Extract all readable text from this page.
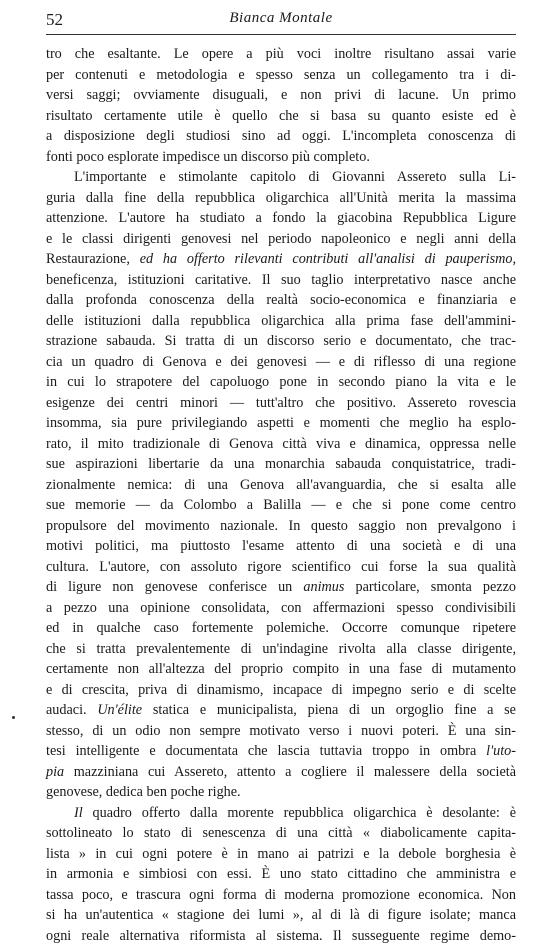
52	Bianca Montale
tro che esaltante. Le opere a più voci inoltre risultano assai varie
per contenuti e metodologia e spesso senza un collegamento tra i di-
versi saggi; ovviamente disuguali, e non privi di lacune. Un primo
risultato certamente utile è quello che si basa su quanto esiste ed è
a disposizione degli studiosi sino ad oggi. L'incompleta conoscenza di
fonti poco esplorate impedisce un discorso più completo.
L'importante e stimolante capitolo di Giovanni Assereto sulla Li-
guria dalla fine della repubblica oligarchica all'Unità merita la massima
attenzione. L'autore ha studiato a fondo la giacobina Repubblica Ligure
e le classi dirigenti genovesi nel periodo napoleonico e negli anni della
Restaurazione, ed ha offerto rilevanti contributi all'analisi di pauperismo,
beneficenza, istituzioni caritative. Il suo taglio interpretativo nasce anche
dalla profonda conoscenza della realtà socio-economica e finanziaria e
delle istituzioni dalla repubblica oligarchica alla prima fase dell'ammini-
strazione sabauda. Si tratta di un discorso serio e documentato, che trac-
cia un quadro di Genova e dei genovesi — e di riflesso di una regione
in cui lo strapotere del capoluogo pone in secondo piano la vita e le
esigenze dei centri minori — tutt'altro che positivo. Assereto rovescia
insomma, sia pure privilegiando aspetti e momenti che meglio ha esplo-
rato, il mito tradizionale di Genova città viva e dinamica, oppressa nelle
sue aspirazioni libertarie da una monarchia sabauda conquistatrice, tradi-
zionalmente nemica: di una Genova all'avanguardia, che si esalta alle
sue memorie — da Colombo a Balilla — e che si pone come centro
propulsore del movimento nazionale. In questo saggio non prevalgono i
motivi politici, ma piuttosto l'esame attento di una società e di una
cultura. L'autore, con assoluto rigore scientifico cui forse la sua qualità
di ligure non genovese conferisce un animus particolare, smonta pezzo
a pezzo una opinione consolidata, con affermazioni spesso condivisibili
ed in qualche caso fortemente polemiche. Occorre comunque ripetere
che si tratta prevalentemente di un'indagine rivolta alla classe dirigente,
certamente non all'altezza del proprio compito in una fase di mutamento
e di crescita, priva di dinamismo, incapace di impegno serio e di scelte
audaci. Un'élite statica e municipalista, piena di un orgoglio fine a se
stesso, di un odio non sempre motivato verso i nuovi poteri. È una sin-
tesi intelligente e documentata che lascia tuttavia troppo in ombra l'uto-
pia mazziniana cui Assereto, attento a cogliere il malessere della società
genovese, dedica ben poche righe.
Il quadro offerto dalla morente repubblica oligarchica è desolante: è
sottolineato lo stato di senescenza di una città « diabolicamente capita-
lista » in cui ogni potere è in mano ai patrizi e la debole borghesia è
in armonia e simbiosi con essi. È uno stato cittadino che amministra e
tassa poco, e trascura ogni forma di moderna promozione economica. Non
si ha un'autentica « stagione dei lumi », al di là di figure isolate; manca
ogni reale alternativa riformista al sistema. Il susseguente regime demo-
